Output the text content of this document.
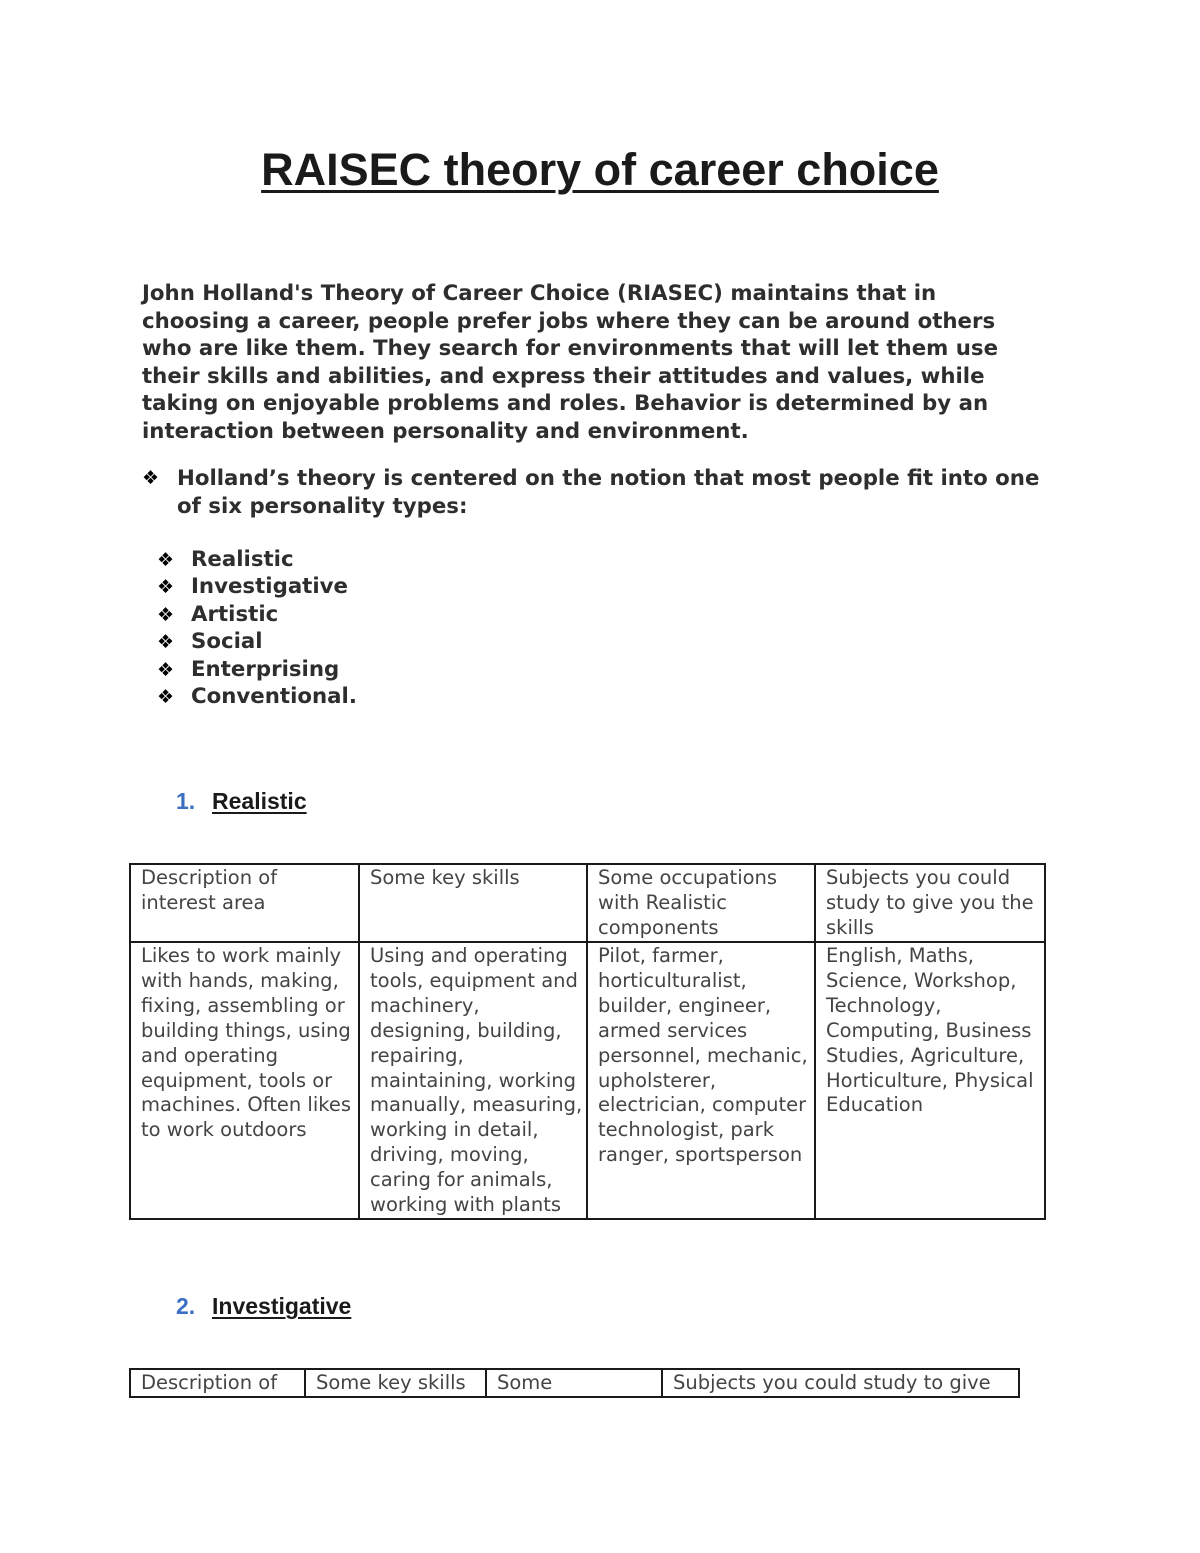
RAISEC theory of career choice
John Holland's Theory of Career Choice (RIASEC) maintains that in choosing a career, people prefer jobs where they can be around others who are like them. They search for environments that will let them use their skills and abilities, and express their attitudes and values, while taking on enjoyable problems and roles. Behavior is determined by an interaction between personality and environment.
❖ Holland’s theory is centered on the notion that most people fit into one of six personality types:
❖ Realistic
❖ Investigative
❖ Artistic
❖ Social
❖ Enterprising
❖ Conventional.
1. Realistic
Description of interest area	Some key skills	Some occupations with Realistic components	Subjects you could study to give you the skills
Likes to work mainly with hands, making, fixing, assembling or building things, using and operating equipment, tools or machines. Often likes to work outdoors	Using and operating tools, equipment and machinery, designing, building, repairing, maintaining, working manually, measuring, working in detail, driving, moving, caring for animals, working with plants	Pilot, farmer, horticulturalist, builder, engineer, armed services personnel, mechanic, upholsterer, electrician, computer technologist, park ranger, sportsperson	English, Maths, Science, Workshop, Technology, Computing, Business Studies, Agriculture, Horticulture, Physical Education
2. Investigative
Description of	Some key skills	Some	Subjects you could study to give
